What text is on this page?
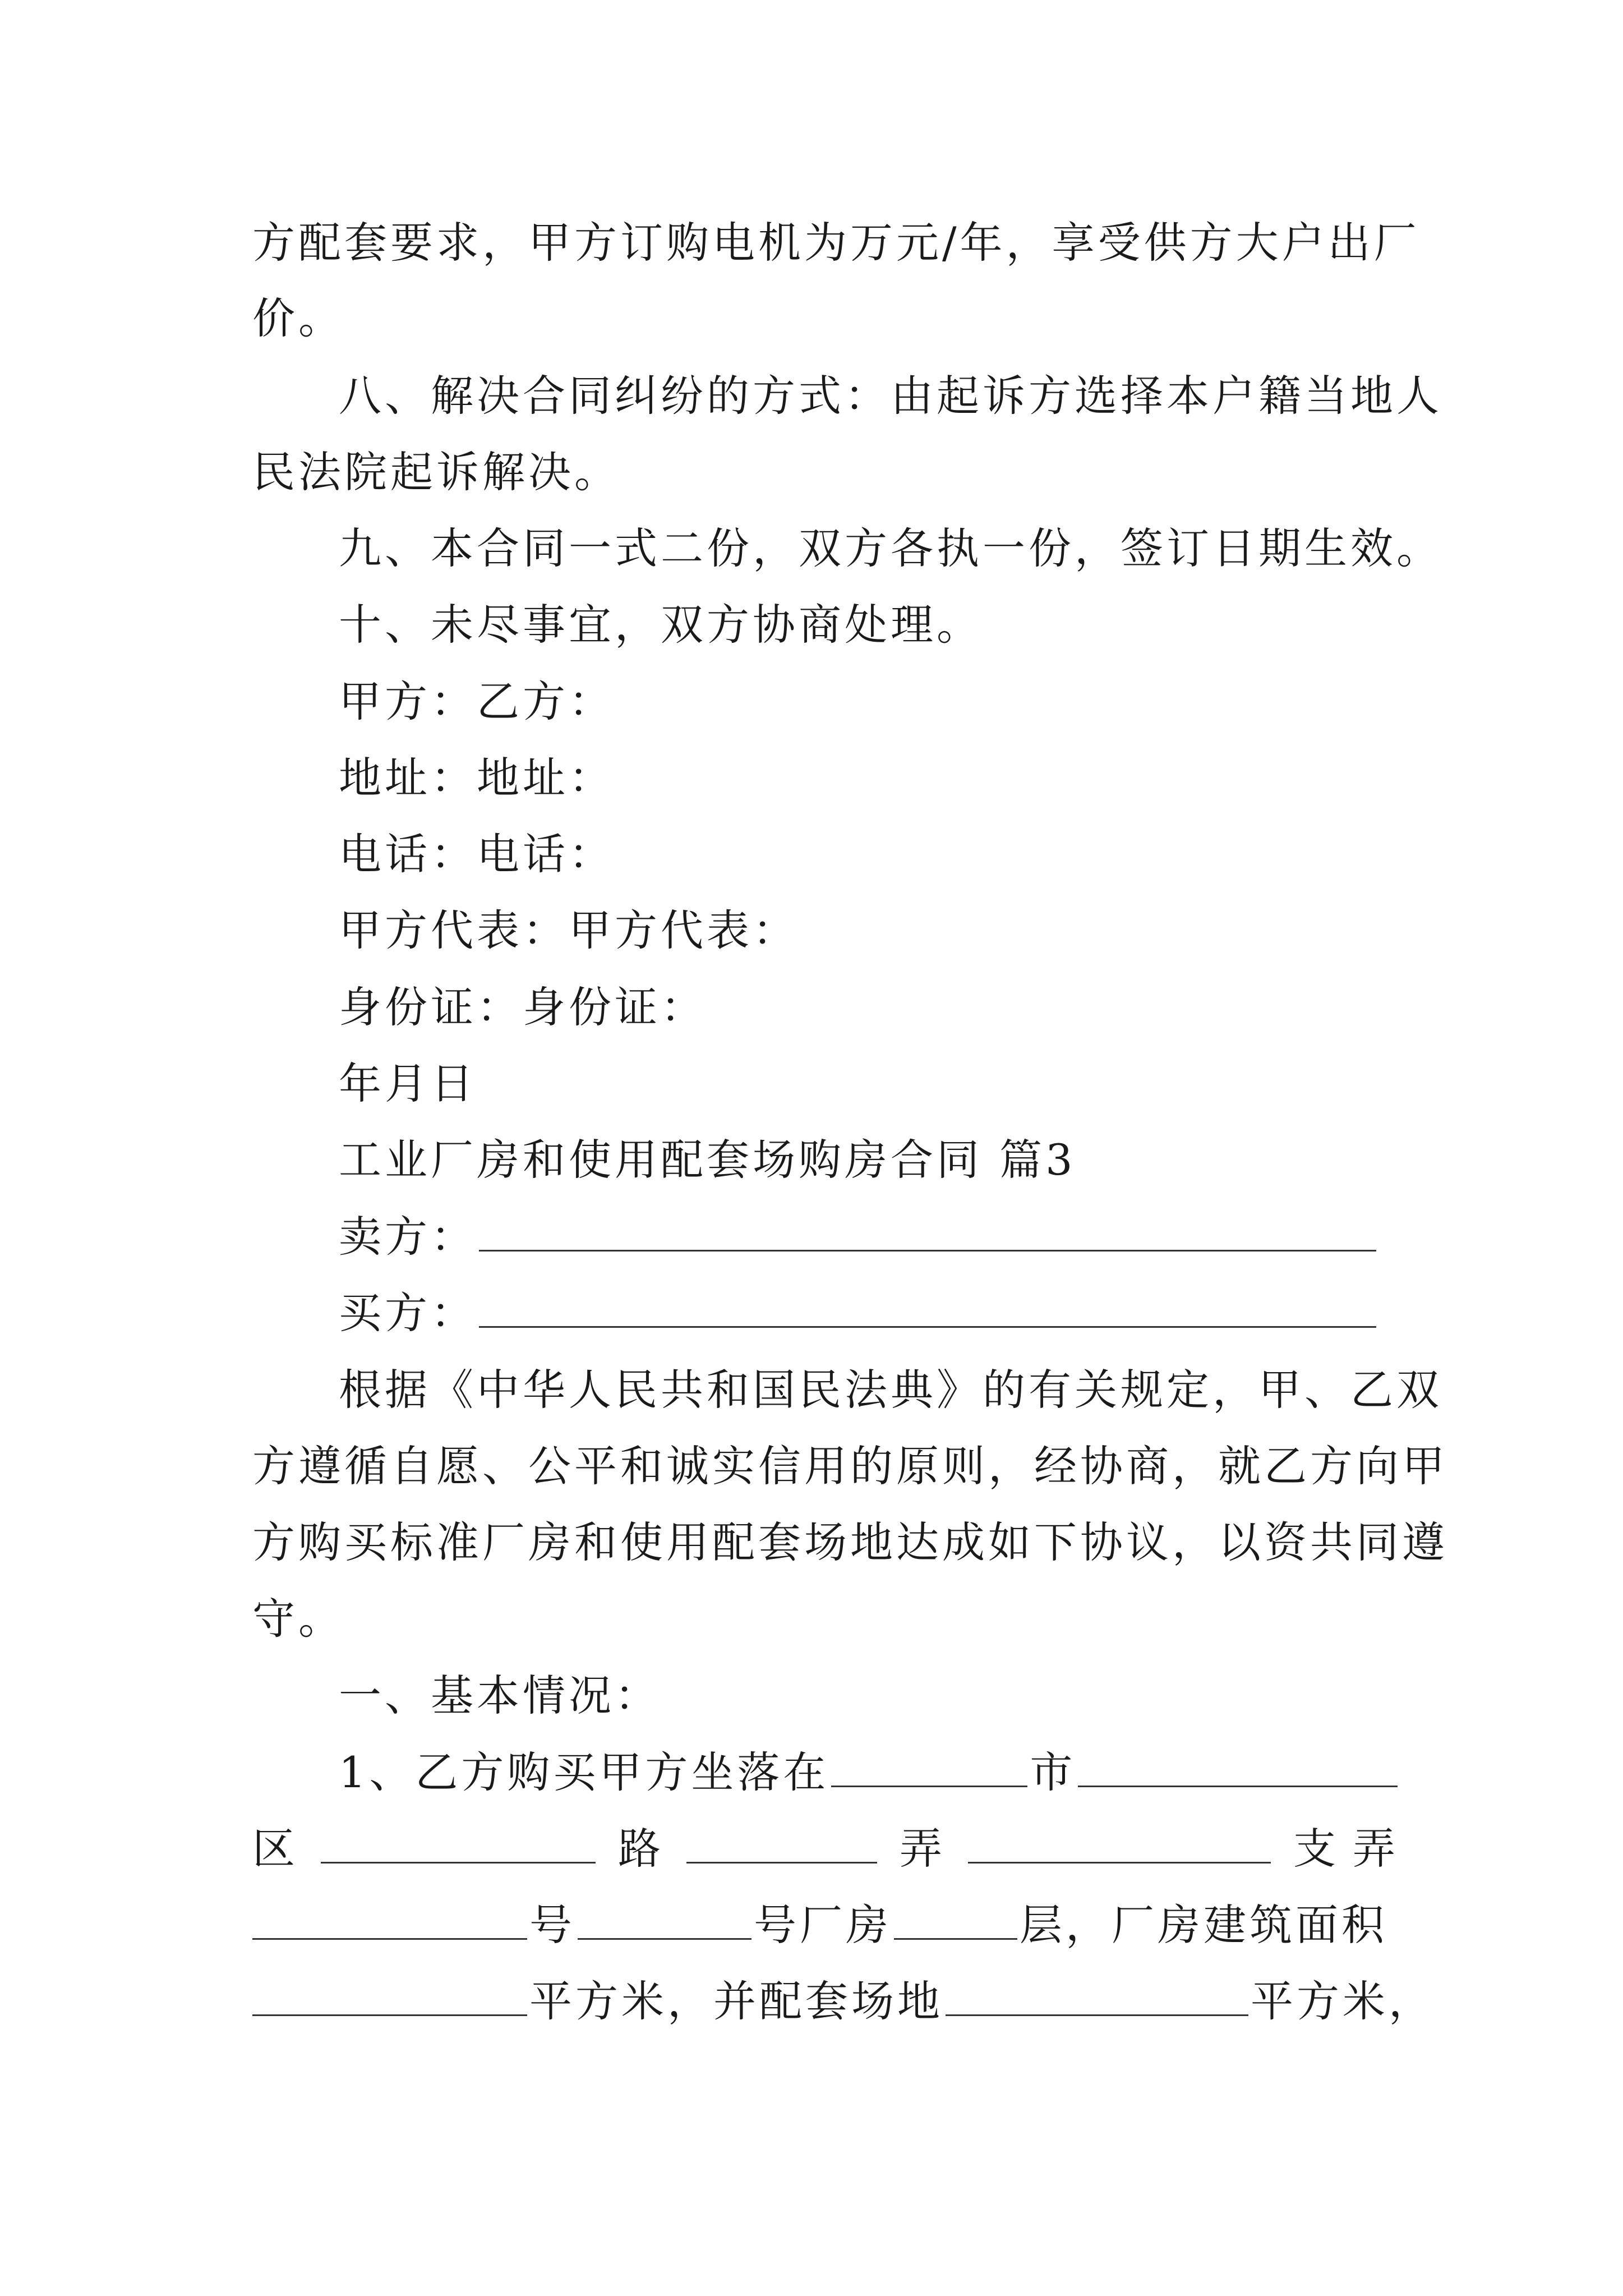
方配套要求，甲方订购电机为万元/年，享受供方大户出厂
价。
八、解决合同纠纷的方式：由起诉方选择本户籍当地人
民法院起诉解决。
九、本合同一式二份，双方各执一份，签订日期生效。
十、未尽事宜，双方协商处理。
甲方：乙方：
地址：地址：
电话：电话：
甲方代表：甲方代表：
身份证：身份证：
年月日
工业厂房和使用配套场购房合同 篇3
卖方：
买方：
根据《中华人民共和国民法典》的有关规定，甲、乙双
方遵循自愿、公平和诚实信用的原则，经协商，就乙方向甲
方购买标准厂房和使用配套场地达成如下协议，以资共同遵
守。
一、基本情况：
1、乙方购买甲方坐落在	市
区	路	弄	支弄
号	号厂房	层，厂房建筑面积
平方米，并配套场地	平方米，
